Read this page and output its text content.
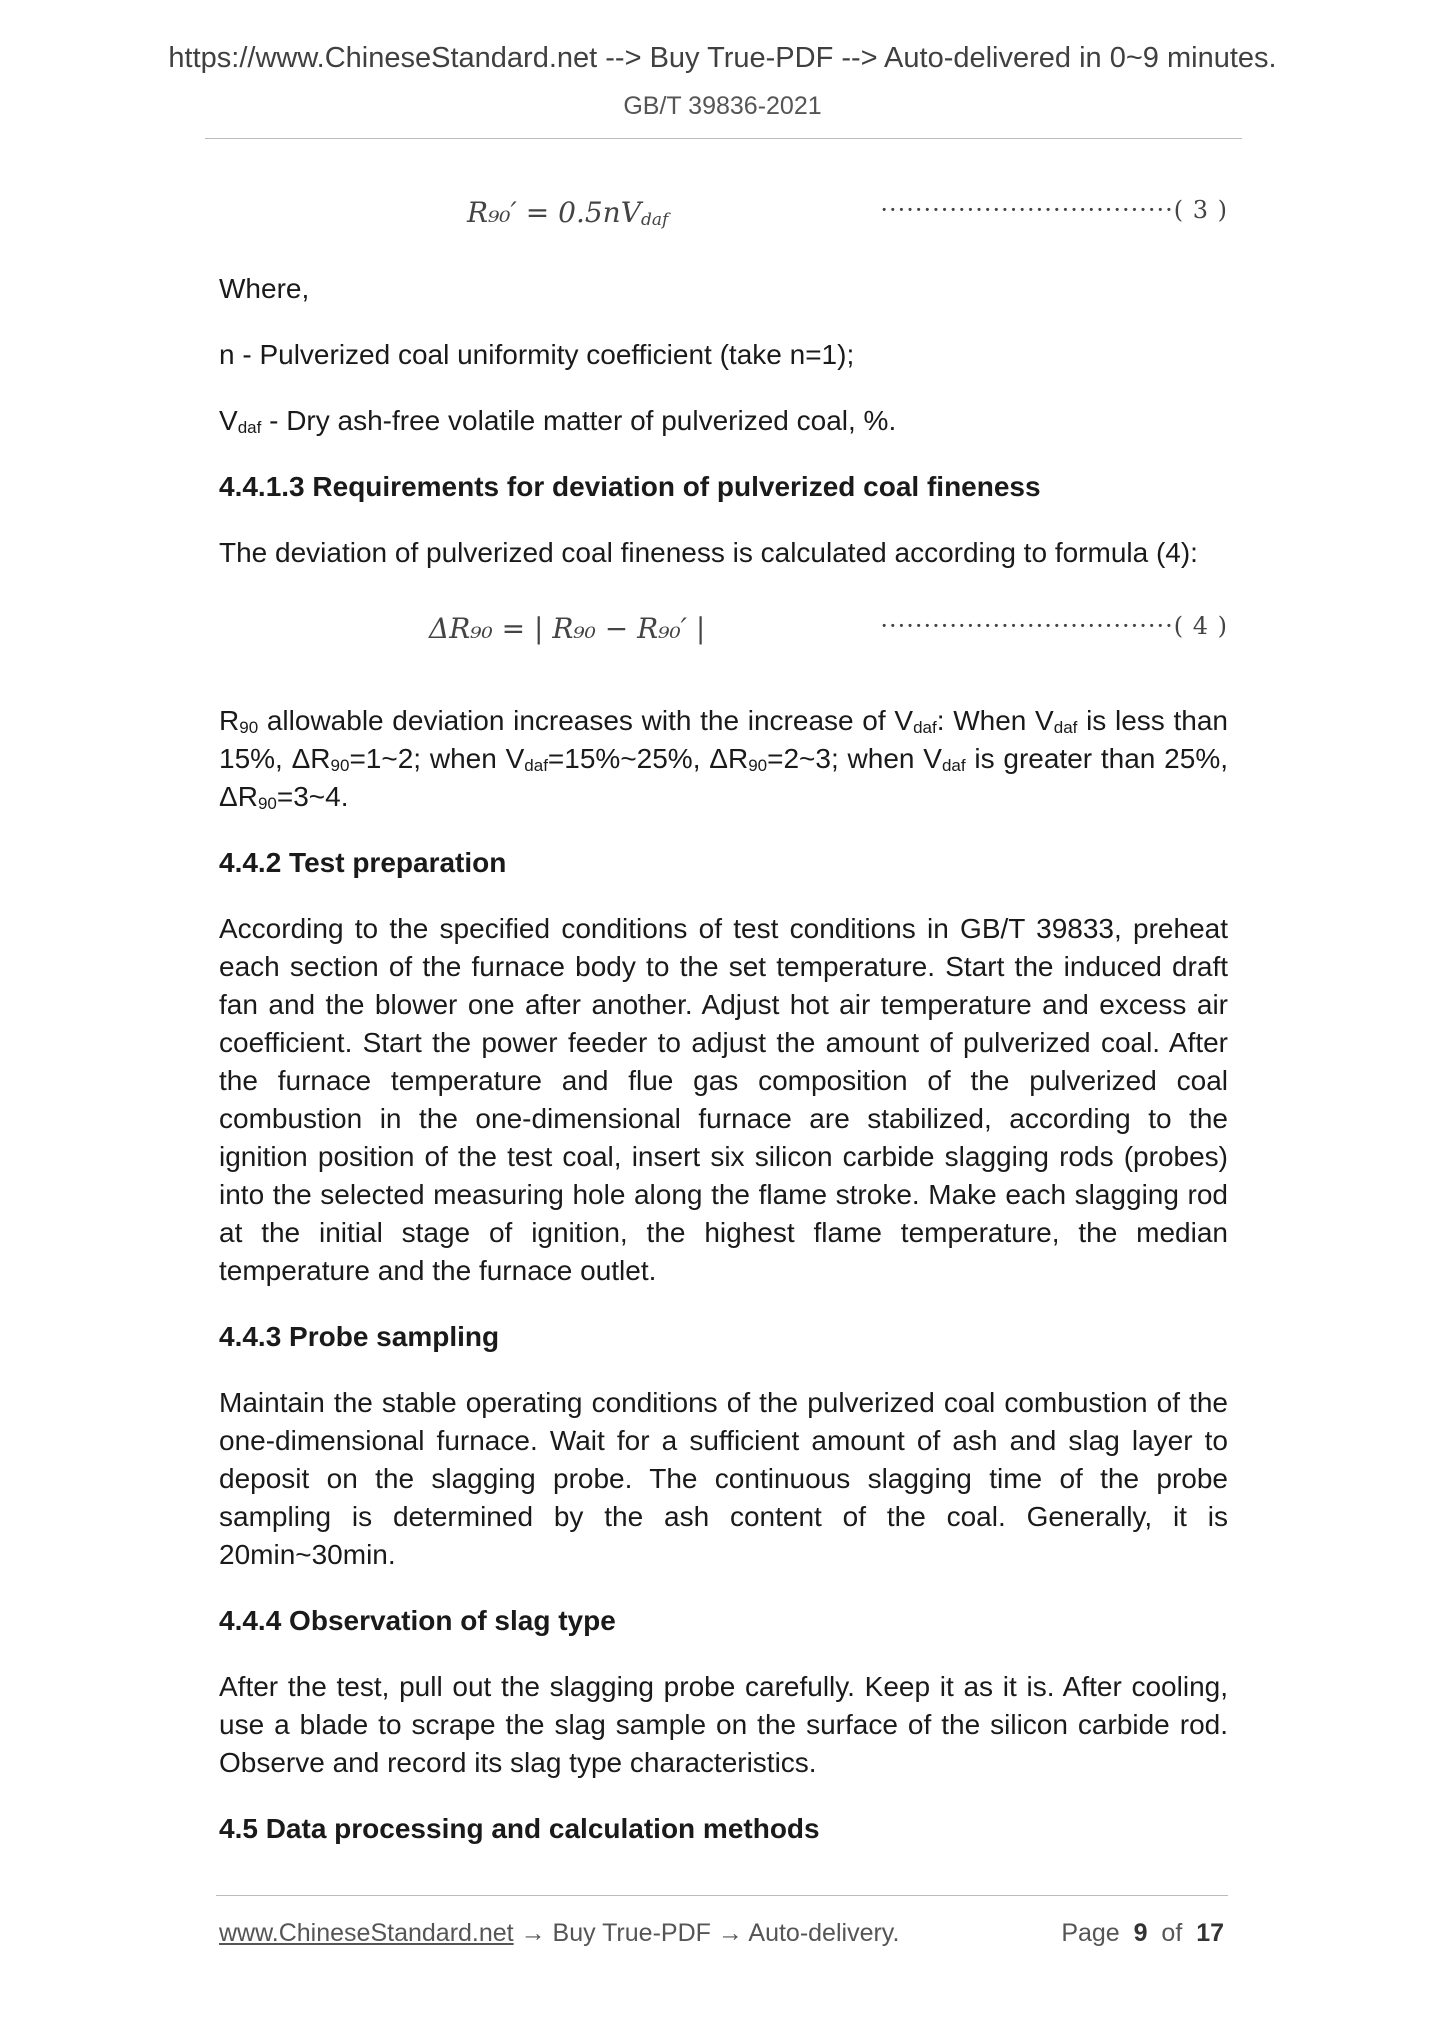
https://www.ChineseStandard.net --> Buy True-PDF --> Auto-delivered in 0~9 minutes.
GB/T 39836-2021
$R_{90}' = 0.5nV_{daf}$	··································( 3 )

Where,

n - Pulverized coal uniformity coefficient (take n=1);

$V_{daf}$ - Dry ash-free volatile matter of pulverized coal, %.

4.4.1.3 Requirements for deviation of pulverized coal fineness

The deviation of pulverized coal fineness is calculated according to formula (4):

ΔR₉₀ = | R₉₀ − R₉₀′ |	··································( 4 )

$R_{90}$ allowable deviation increases with the increase of $V_{daf}$: When $V_{daf}$ is less than 15%, $\Delta R_{90}=1\sim 2$; when $V_{daf}=15\%\sim 25\%$, $\Delta R_{90}=2\sim 3$; when $V_{daf}$ is greater than 25%, $\Delta R_{90}=3\sim 4$.

4.4.2 Test preparation

According to the specified conditions of test conditions in GB/T 39833, preheat each section of the furnace body to the set temperature. Start the induced draft fan and the blower one after another. Adjust hot air temperature and excess air coefficient. Start the power feeder to adjust the amount of pulverized coal. After the furnace temperature and flue gas composition of the pulverized coal combustion in the one-dimensional furnace are stabilized, according to the ignition position of the test coal, insert six silicon carbide slagging rods (probes) into the selected measuring hole along the flame stroke. Make each slagging rod at the initial stage of ignition, the highest flame temperature, the median temperature and the furnace outlet.

4.4.3 Probe sampling

Maintain the stable operating conditions of the pulverized coal combustion of the one-dimensional furnace. Wait for a sufficient amount of ash and slag layer to deposit on the slagging probe. The continuous slagging time of the probe sampling is determined by the ash content of the coal. Generally, it is 20min~30min.

4.4.4 Observation of slag type

After the test, pull out the slagging probe carefully. Keep it as it is. After cooling, use a blade to scrape the slag sample on the surface of the silicon carbide rod. Observe and record its slag type characteristics.

4.5 Data processing and calculation methods
www.ChineseStandard.net → Buy True-PDF → Auto-delivery.	Page 9 of 17
